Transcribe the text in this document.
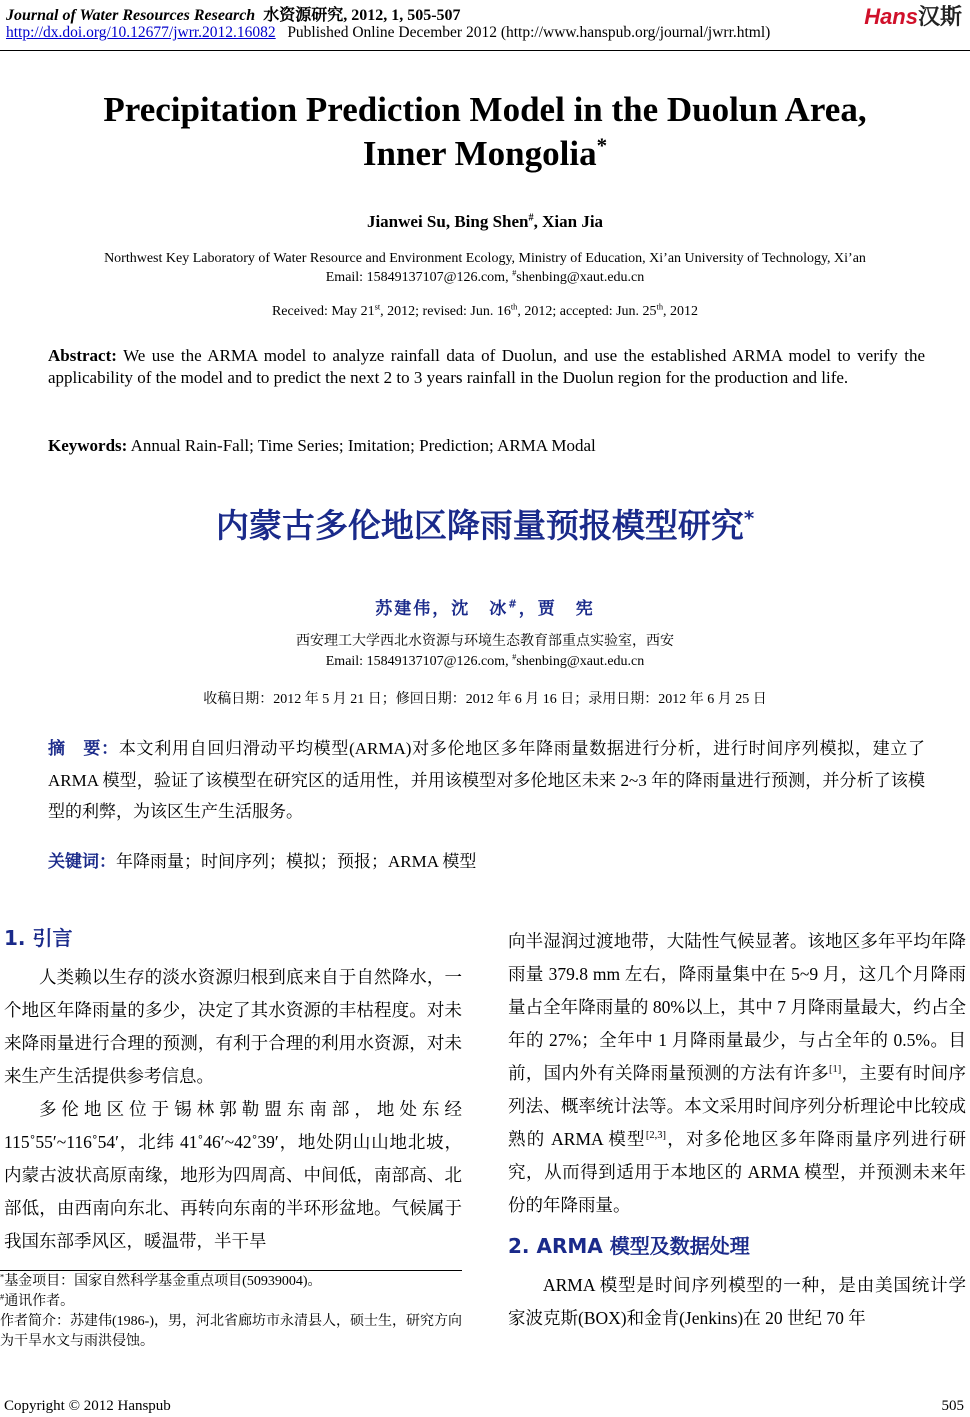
Journal of Water Resources Research 水资源研究, 2012, 1, 505-507
http://dx.doi.org/10.12677/jwrr.2012.16082 Published Online December 2012 (http://www.hanspub.org/journal/jwrr.html)
Hans汉斯
Precipitation Prediction Model in the Duolun Area,
Inner Mongolia*
Jianwei Su, Bing Shen#, Xian Jia
Northwest Key Laboratory of Water Resource and Environment Ecology, Ministry of Education, Xi’an University of Technology, Xi’an
Email: 15849137107@126.com, #shenbing@xaut.edu.cn
Received: May 21st, 2012; revised: Jun. 16th, 2012; accepted: Jun. 25th, 2012
Abstract: We use the ARMA model to analyze rainfall data of Duolun, and use the established ARMA model to verify the applicability of the model and to predict the next 2 to 3 years rainfall in the Duolun region for the production and life.
Keywords: Annual Rain-Fall; Time Series; Imitation; Prediction; ARMA Modal
内蒙古多伦地区降雨量预报模型研究*
苏建伟，沈　冰#，贾　宪
西安理工大学西北水资源与环境生态教育部重点实验室，西安
Email: 15849137107@126.com, #shenbing@xaut.edu.cn
收稿日期：2012 年 5 月 21 日；修回日期：2012 年 6 月 16 日；录用日期：2012 年 6 月 25 日
摘　要：本文利用自回归滑动平均模型(ARMA)对多伦地区多年降雨量数据进行分析，进行时间序列模拟，建立了 ARMA 模型，验证了该模型在研究区的适用性，并用该模型对多伦地区未来 2~3 年的降雨量进行预测，并分析了该模型的利弊，为该区生产生活服务。
关键词：年降雨量；时间序列；模拟；预报；ARMA 模型
1. 引言
人类赖以生存的淡水资源归根到底来自于自然降水，一个地区年降雨量的多少，决定了其水资源的丰枯程度。对未来降雨量进行合理的预测，有利于合理的利用水资源，对未来生产生活提供参考信息。
多伦地区位于锡林郭勒盟东南部，地处东经115˚55′~116˚54′，北纬 41˚46′~42˚39′，地处阴山山地北坡，内蒙古波状高原南缘，地形为四周高、中间低，南部高、北部低，由西南向东北、再转向东南的半环形盆地。气候属于我国东部季风区，暖温带，半干旱
向半湿润过渡地带，大陆性气候显著。该地区多年平均年降雨量 379.8 mm 左右，降雨量集中在 5~9 月，这几个月降雨量占全年降雨量的 80%以上，其中 7 月降雨量最大，约占全年的 27%；全年中 1 月降雨量最少，与占全年的 0.5%。目前，国内外有关降雨量预测的方法有许多[1]，主要有时间序列法、概率统计法等。本文采用时间序列分析理论中比较成熟的 ARMA 模型[2,3]，对多伦地区多年降雨量序列进行研究，从而得到适用于本地区的 ARMA 模型，并预测未来年份的年降雨量。
2. ARMA 模型及数据处理
ARMA 模型是时间序列模型的一种，是由美国统计学家波克斯(BOX)和金肯(Jenkins)在 20 世纪 70 年
*基金项目：国家自然科学基金重点项目(50939004)。
#通讯作者。
作者简介：苏建伟(1986-)，男，河北省廊坊市永清县人，硕士生，研究方向为干旱水文与雨洪侵蚀。
Copyright © 2012 Hanspub	505
